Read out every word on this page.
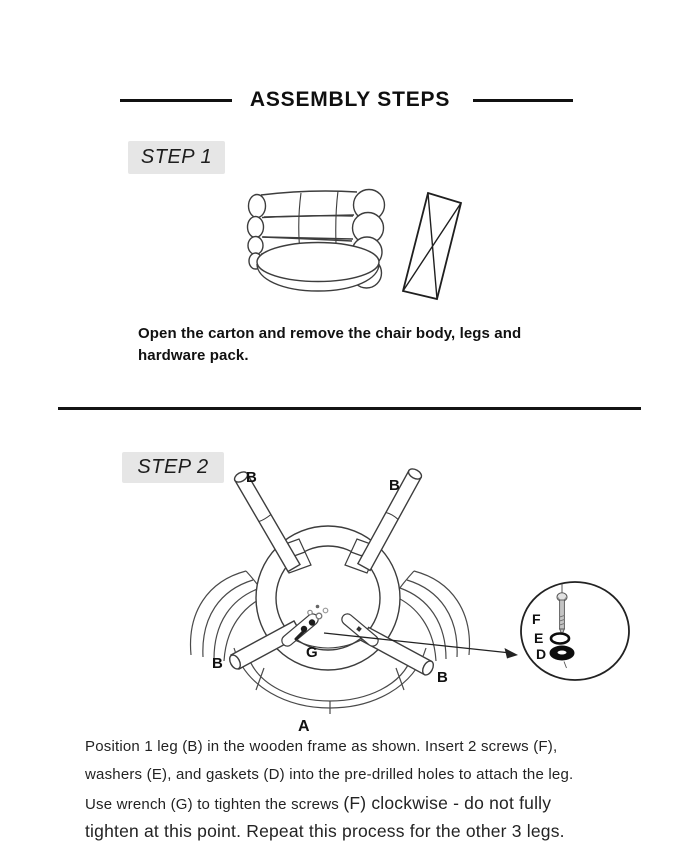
ASSEMBLY STEPS
STEP 1
Open the carton and remove the chair body, legs and hardware pack.
STEP 2
F
E
D
B	B
B
B
G
A
Position 1 leg (B) in the wooden frame as shown. Insert 2 screws (F),
washers (E), and gaskets (D) into the pre-drilled holes to attach the leg.
Use wrench (G) to tighten the screws (F) clockwise - do not fully
tighten at this point. Repeat this process for the other 3 legs.
